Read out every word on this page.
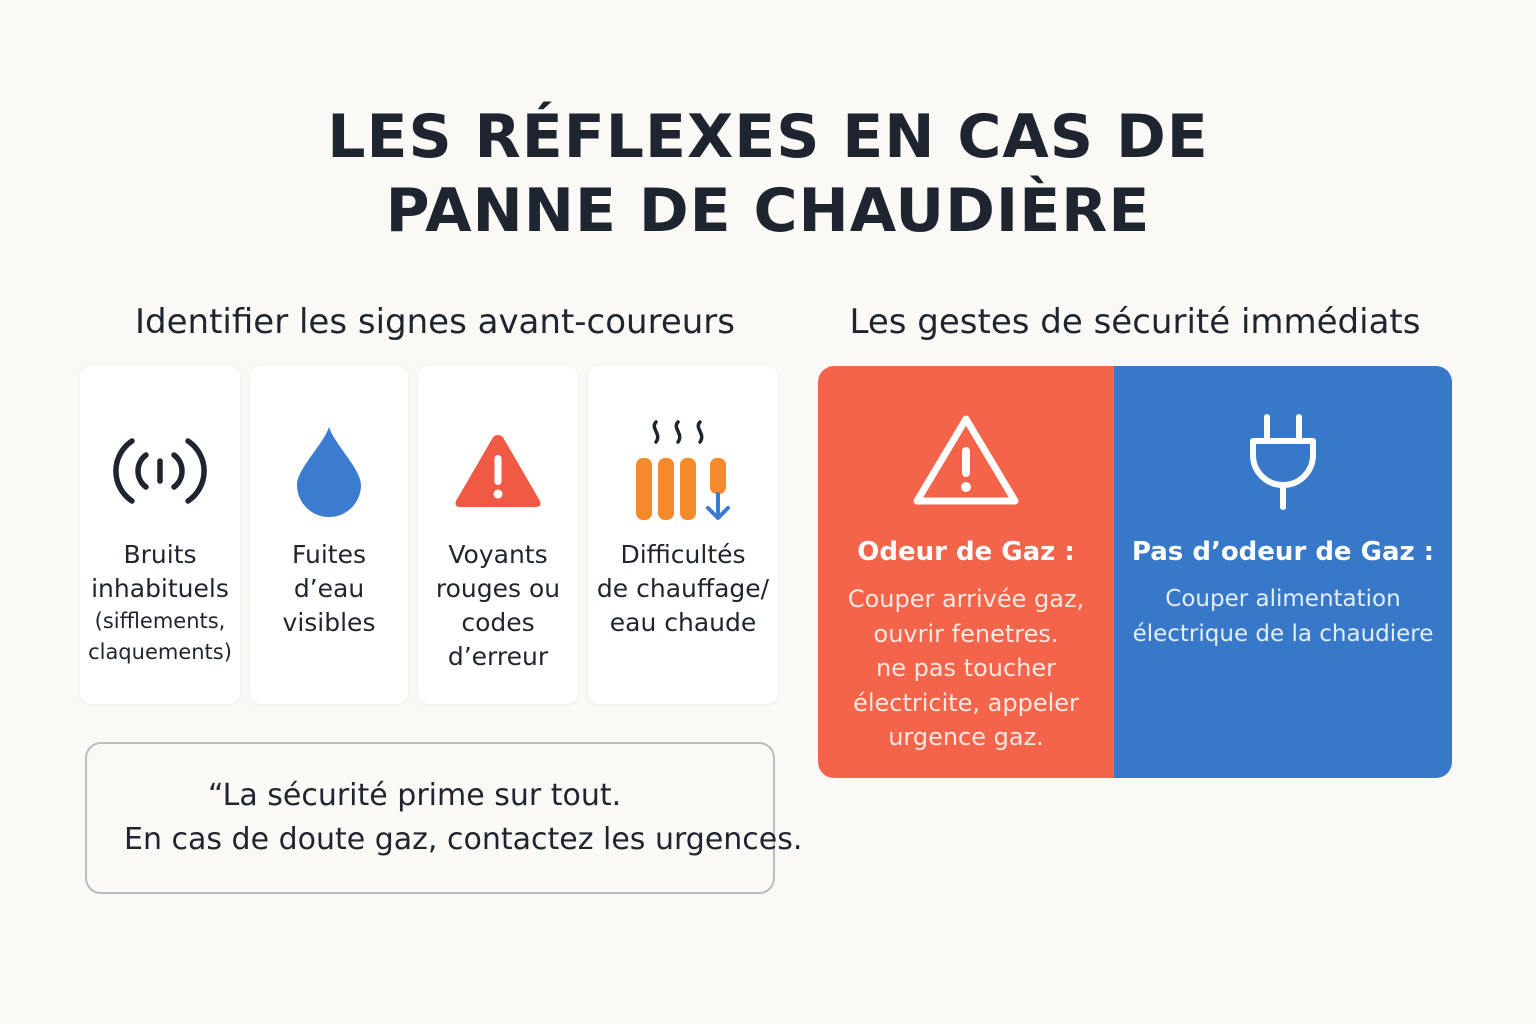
LES RÉFLEXES EN CAS DE
PANNE DE CHAUDIÈRE
Identifier les signes avant-coureurs	Les gestes de sécurité immédiats
Bruits
inhabituels
(sifflements,
claquements)
Fuites
d’eau
visibles
Voyants
rouges ou
codes
d’erreur
Difficultés
de chauffage/
eau chaude
“La sécurité prime sur tout.
En cas de doute gaz, contactez les urgences.
Odeur de Gaz :
Couper arrivée gaz,
ouvrir fenetres.
ne pas toucher
électricite, appeler
urgence gaz.
Pas d’odeur de Gaz :
Couper alimentation
électrique de la chaudiere
